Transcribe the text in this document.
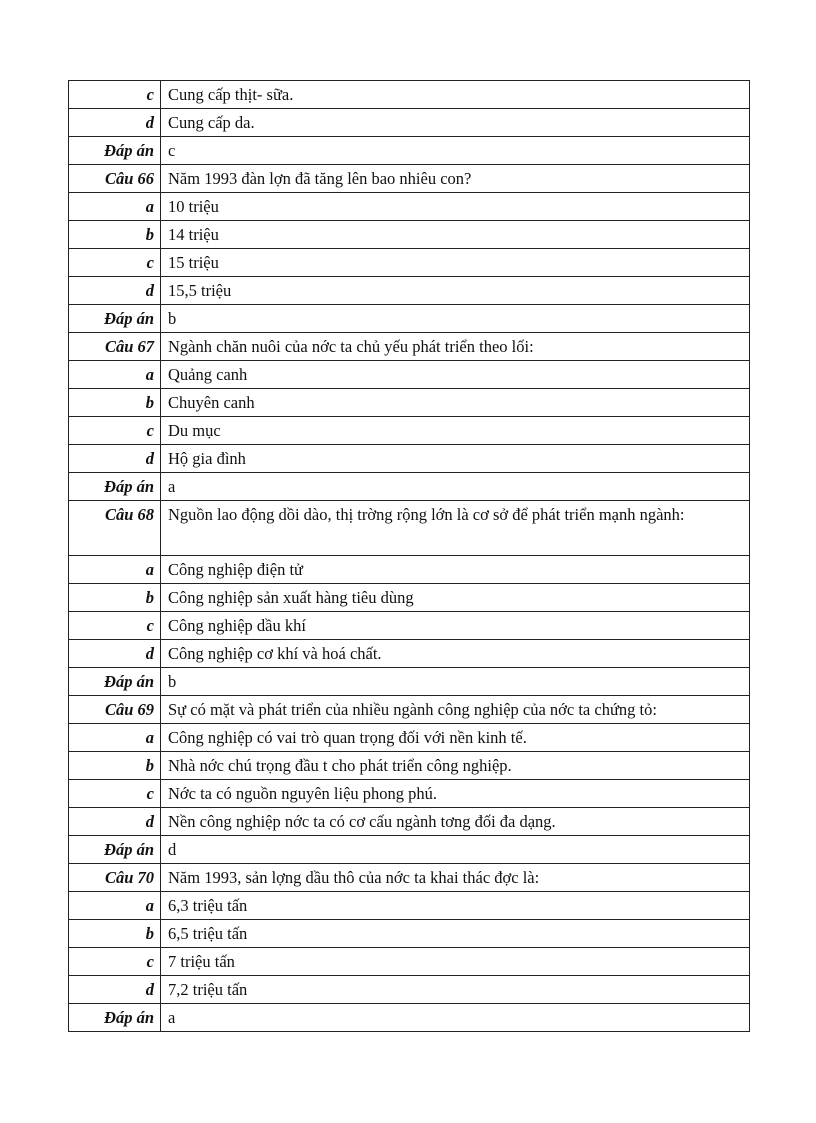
c	Cung cấp thịt- sữa.
d	Cung cấp da.
Đáp án	c
Câu 66	Năm 1993 đàn lợn đã tăng lên bao nhiêu con?
a	10 triệu
b	14 triệu
c	15 triệu
d	15,5 triệu
Đáp án	b
Câu 67	Ngành chăn nuôi của nớc ta chủ yếu phát triển theo lối:
a	Quảng canh
b	Chuyên canh
c	Du mục
d	Hộ gia đình
Đáp án	a
Câu 68	Nguồn lao động dồi dào, thị trờng rộng lớn là cơ sở để phát triển mạnh ngành:
a	Công nghiệp điện tử
b	Công nghiệp sản xuất hàng tiêu dùng
c	Công nghiệp dầu khí
d	Công nghiệp cơ khí và hoá chất.
Đáp án	b
Câu 69	Sự có mặt và phát triển của nhiều ngành công nghiệp của nớc ta chứng tỏ:
a	Công nghiệp có vai trò quan trọng đối với nền kinh tế.
b	Nhà nớc chú trọng đầu t cho phát triển công nghiệp.
c	Nớc ta có nguồn nguyên liệu phong phú.
d	Nền công nghiệp nớc ta có cơ cấu ngành tơng đối đa dạng.
Đáp án	d
Câu 70	Năm 1993, sản lợng dầu thô của nớc ta khai thác đợc là:
a	6,3 triệu tấn
b	6,5 triệu tấn
c	7 triệu tấn
d	7,2 triệu tấn
Đáp án	a
